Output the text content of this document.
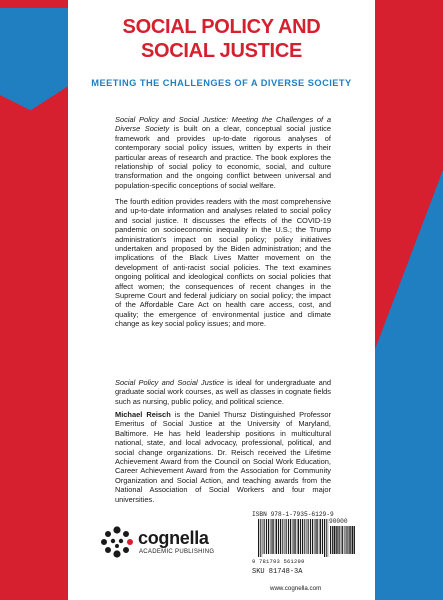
SOCIAL POLICY AND
SOCIAL JUSTICE

MEETING THE CHALLENGES OF A DIVERSE SOCIETY

Social Policy and Social Justice: Meeting the Challenges of a Diverse Society is built on a clear, conceptual social justice framework and provides up-to-date rigorous analyses of contemporary social policy issues, written by experts in their particular areas of research and practice. The book explores the relationship of social policy to economic, social, and culture transformation and the ongoing conflict between universal and population-specific conceptions of social welfare.

The fourth edition provides readers with the most comprehensive and up-to-date information and analyses related to social policy and social justice. It discusses the effects of the COVID-19 pandemic on socioeconomic inequality in the U.S.; the Trump administration's impact on social policy; policy initiatives undertaken and proposed by the Biden administration; and the implications of the Black Lives Matter movement on the development of anti-racist social policies. The text examines ongoing political and ideological conflicts on social policies that affect women; the consequences of recent changes in the Supreme Court and federal judiciary on social policy; the impact of the Affordable Care Act on health care access, cost, and quality; the emergence of environmental justice and climate change as key social policy issues; and more.

Social Policy and Social Justice is ideal for undergraduate and graduate social work courses, as well as classes in cognate fields such as nursing, public policy, and political science.

Michael Reisch is the Daniel Thursz Distinguished Professor Emeritus of Social Justice at the University of Maryland, Baltimore. He has held leadership positions in multicultural national, state, and local advocacy, professional, political, and social change organizations. Dr. Reisch received the Lifetime Achievement Award from the Council on Social Work Education, Career Achievement Award from the Association for Community Organization and Social Action, and teaching awards from the National Association of Social Workers and four major universities.

cognella
ACADEMIC PUBLISHING
ISBN 978-1-7935-6129-9
90000
9 781793 561299
SKU 81748-3A
www.cognella.com
